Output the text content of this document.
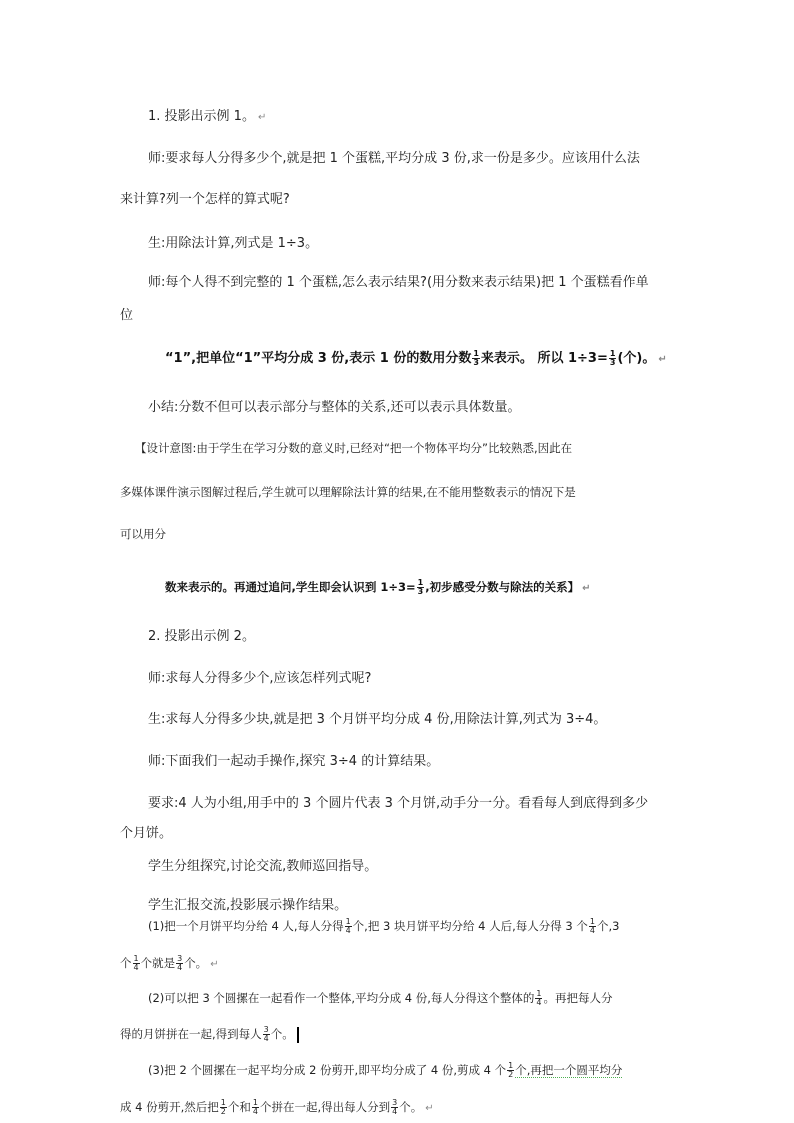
1. 投影出示例 1。 ↵
师:要求每人分得多少个,就是把 1 个蛋糕,平均分成 3 份,求一份是多少。应该用什么法
来计算?列一个怎样的算式呢?
生:用除法计算,列式是 1÷3。
师:每个人得不到完整的 1 个蛋糕,怎么表示结果?(用分数来表示结果)把 1 个蛋糕看作单
位
“1”,把单位“1”平均分成 3 份,表示 1 份的数用分数 $\frac{1}{3}$ 来表示。 所以 $1\div 3= \frac{1}{3}$ (个)。 ↵
小结:分数不但可以表示部分与整体的关系,还可以表示具体数量。
【设计意图:由于学生在学习分数的意义时,已经对“把一个物体平均分”比较熟悉,因此在
多媒体课件演示图解过程后,学生就可以理解除法计算的结果,在不能用整数表示的情况下是
可以用分
数来表示的。再通过追问,学生即会认识到 $1\div 3= \frac{1}{3}$ ,初步感受分数与除法的关系】 ↵
2. 投影出示例 2。
师:求每人分得多少个,应该怎样列式呢?
生:求每人分得多少块,就是把 3 个月饼平均分成 4 份,用除法计算,列式为 3÷4。
师:下面我们一起动手操作,探究 3÷4 的计算结果。
要求:4 人为小组,用手中的 3 个圆片代表 3 个月饼,动手分一分。看看每人到底得到多少
个月饼。
学生分组探究,讨论交流,教师巡回指导。
学生汇报交流,投影展示操作结果。
(1)把一个月饼平均分给 4 人,每人分得 $\frac{1}{4}$ 个,把 3 块月饼平均分给 4 人后,每人分得 3 个 $\frac{1}{4}$ 个,3
个 $\frac{1}{4}$ 个就是 $\frac{3}{4}$ 个。 ↵
(2)可以把 3 个圆摞在一起看作一个整体,平均分成 4 份,每人分得这个整体的 $\frac{1}{4}$ 。再把每人分
得的月饼拼在一起,得到每人 $\frac{3}{4}$ 个。
(3)把 2 个圆摞在一起平均分成 2 份剪开,即平均分成了 4 份,剪成 4 个 $\frac{1}{2}$ 个,再把一个圆平均分
成 4 份剪开,然后把 $\frac{1}{2}$ 个和 $\frac{1}{4}$ 个拼在一起,得出每人分到 $\frac{3}{4}$ 个。 ↵
